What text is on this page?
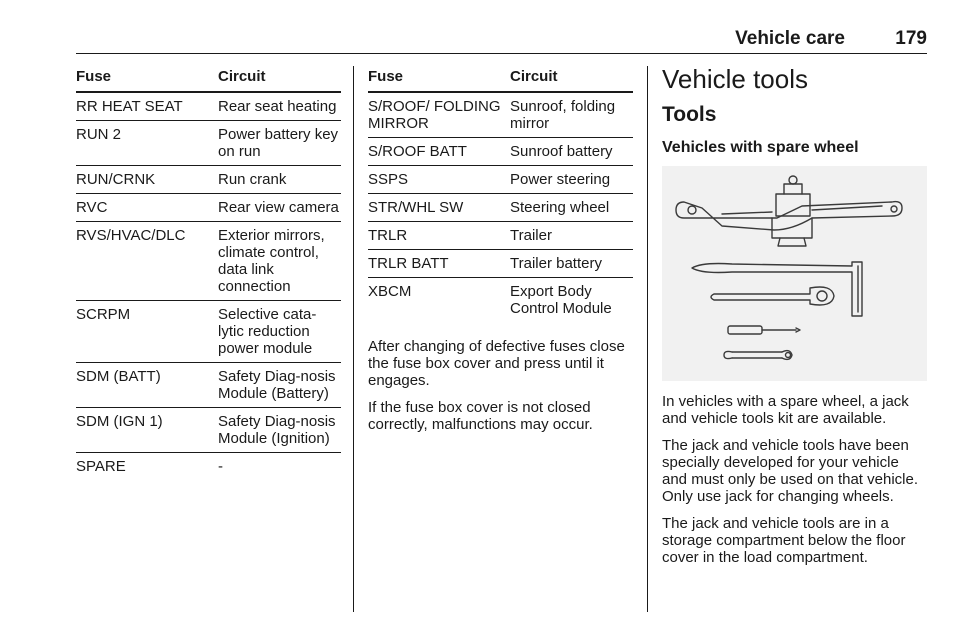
Vehicle care	179
Fuse	Circuit
RR HEAT SEAT	Rear seat heating
RUN 2	Power battery key on run
RUN/CRNK	Run crank
RVC	Rear view camera
RVS/HVAC/DLC	Exterior mirrors, climate control, data link connection
SCRPM	Selective cata-lytic reduction power module
SDM (BATT)	Safety Diag-nosis Module (Battery)
SDM (IGN 1)	Safety Diag-nosis Module (Ignition)
SPARE	-
Fuse	Circuit
S/ROOF/ FOLDING MIRROR	Sunroof, folding mirror
S/ROOF BATT	Sunroof battery
SSPS	Power steering
STR/WHL SW	Steering wheel
TRLR	Trailer
TRLR BATT	Trailer battery
XBCM	Export Body Control Module

After changing of defective fuses close the fuse box cover and press until it engages.

If the fuse box cover is not closed correctly, malfunctions may occur.

Vehicle tools
Tools
Vehicles with spare wheel

In vehicles with a spare wheel, a jack and vehicle tools kit are available.

The jack and vehicle tools have been specially developed for your vehicle and must only be used on that vehicle. Only use jack for changing wheels.

The jack and vehicle tools are in a storage compartment below the floor cover in the load compartment.
